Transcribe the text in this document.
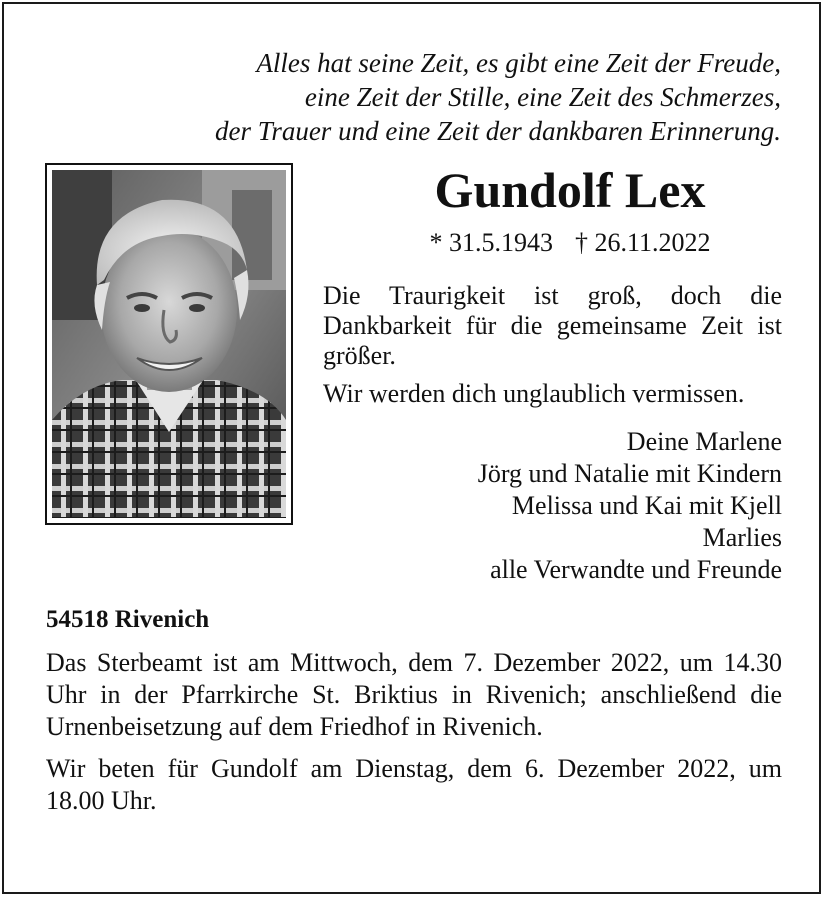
Alles hat seine Zeit, es gibt eine Zeit der Freude,
eine Zeit der Stille, eine Zeit des Schmerzes,
der Trauer und eine Zeit der dankbaren Erinnerung.
Gundolf Lex
* 31.5.1943 † 26.11.2022

Die Traurigkeit ist groß, doch die Dankbarkeit für die gemeinsame Zeit ist größer.

Wir werden dich unglaublich vermissen.

Deine Marlene
Jörg und Natalie mit Kindern
Melissa und Kai mit Kjell
Marlies
alle Verwandte und Freunde
54518 Rivenich

Das Sterbeamt ist am Mittwoch, dem 7. Dezember 2022, um 14.30 Uhr in der Pfarrkirche St. Briktius in Rivenich; anschließend die Urnenbeisetzung auf dem Friedhof in Rivenich.

Wir beten für Gundolf am Dienstag, dem 6. Dezember 2022, um 18.00 Uhr.
